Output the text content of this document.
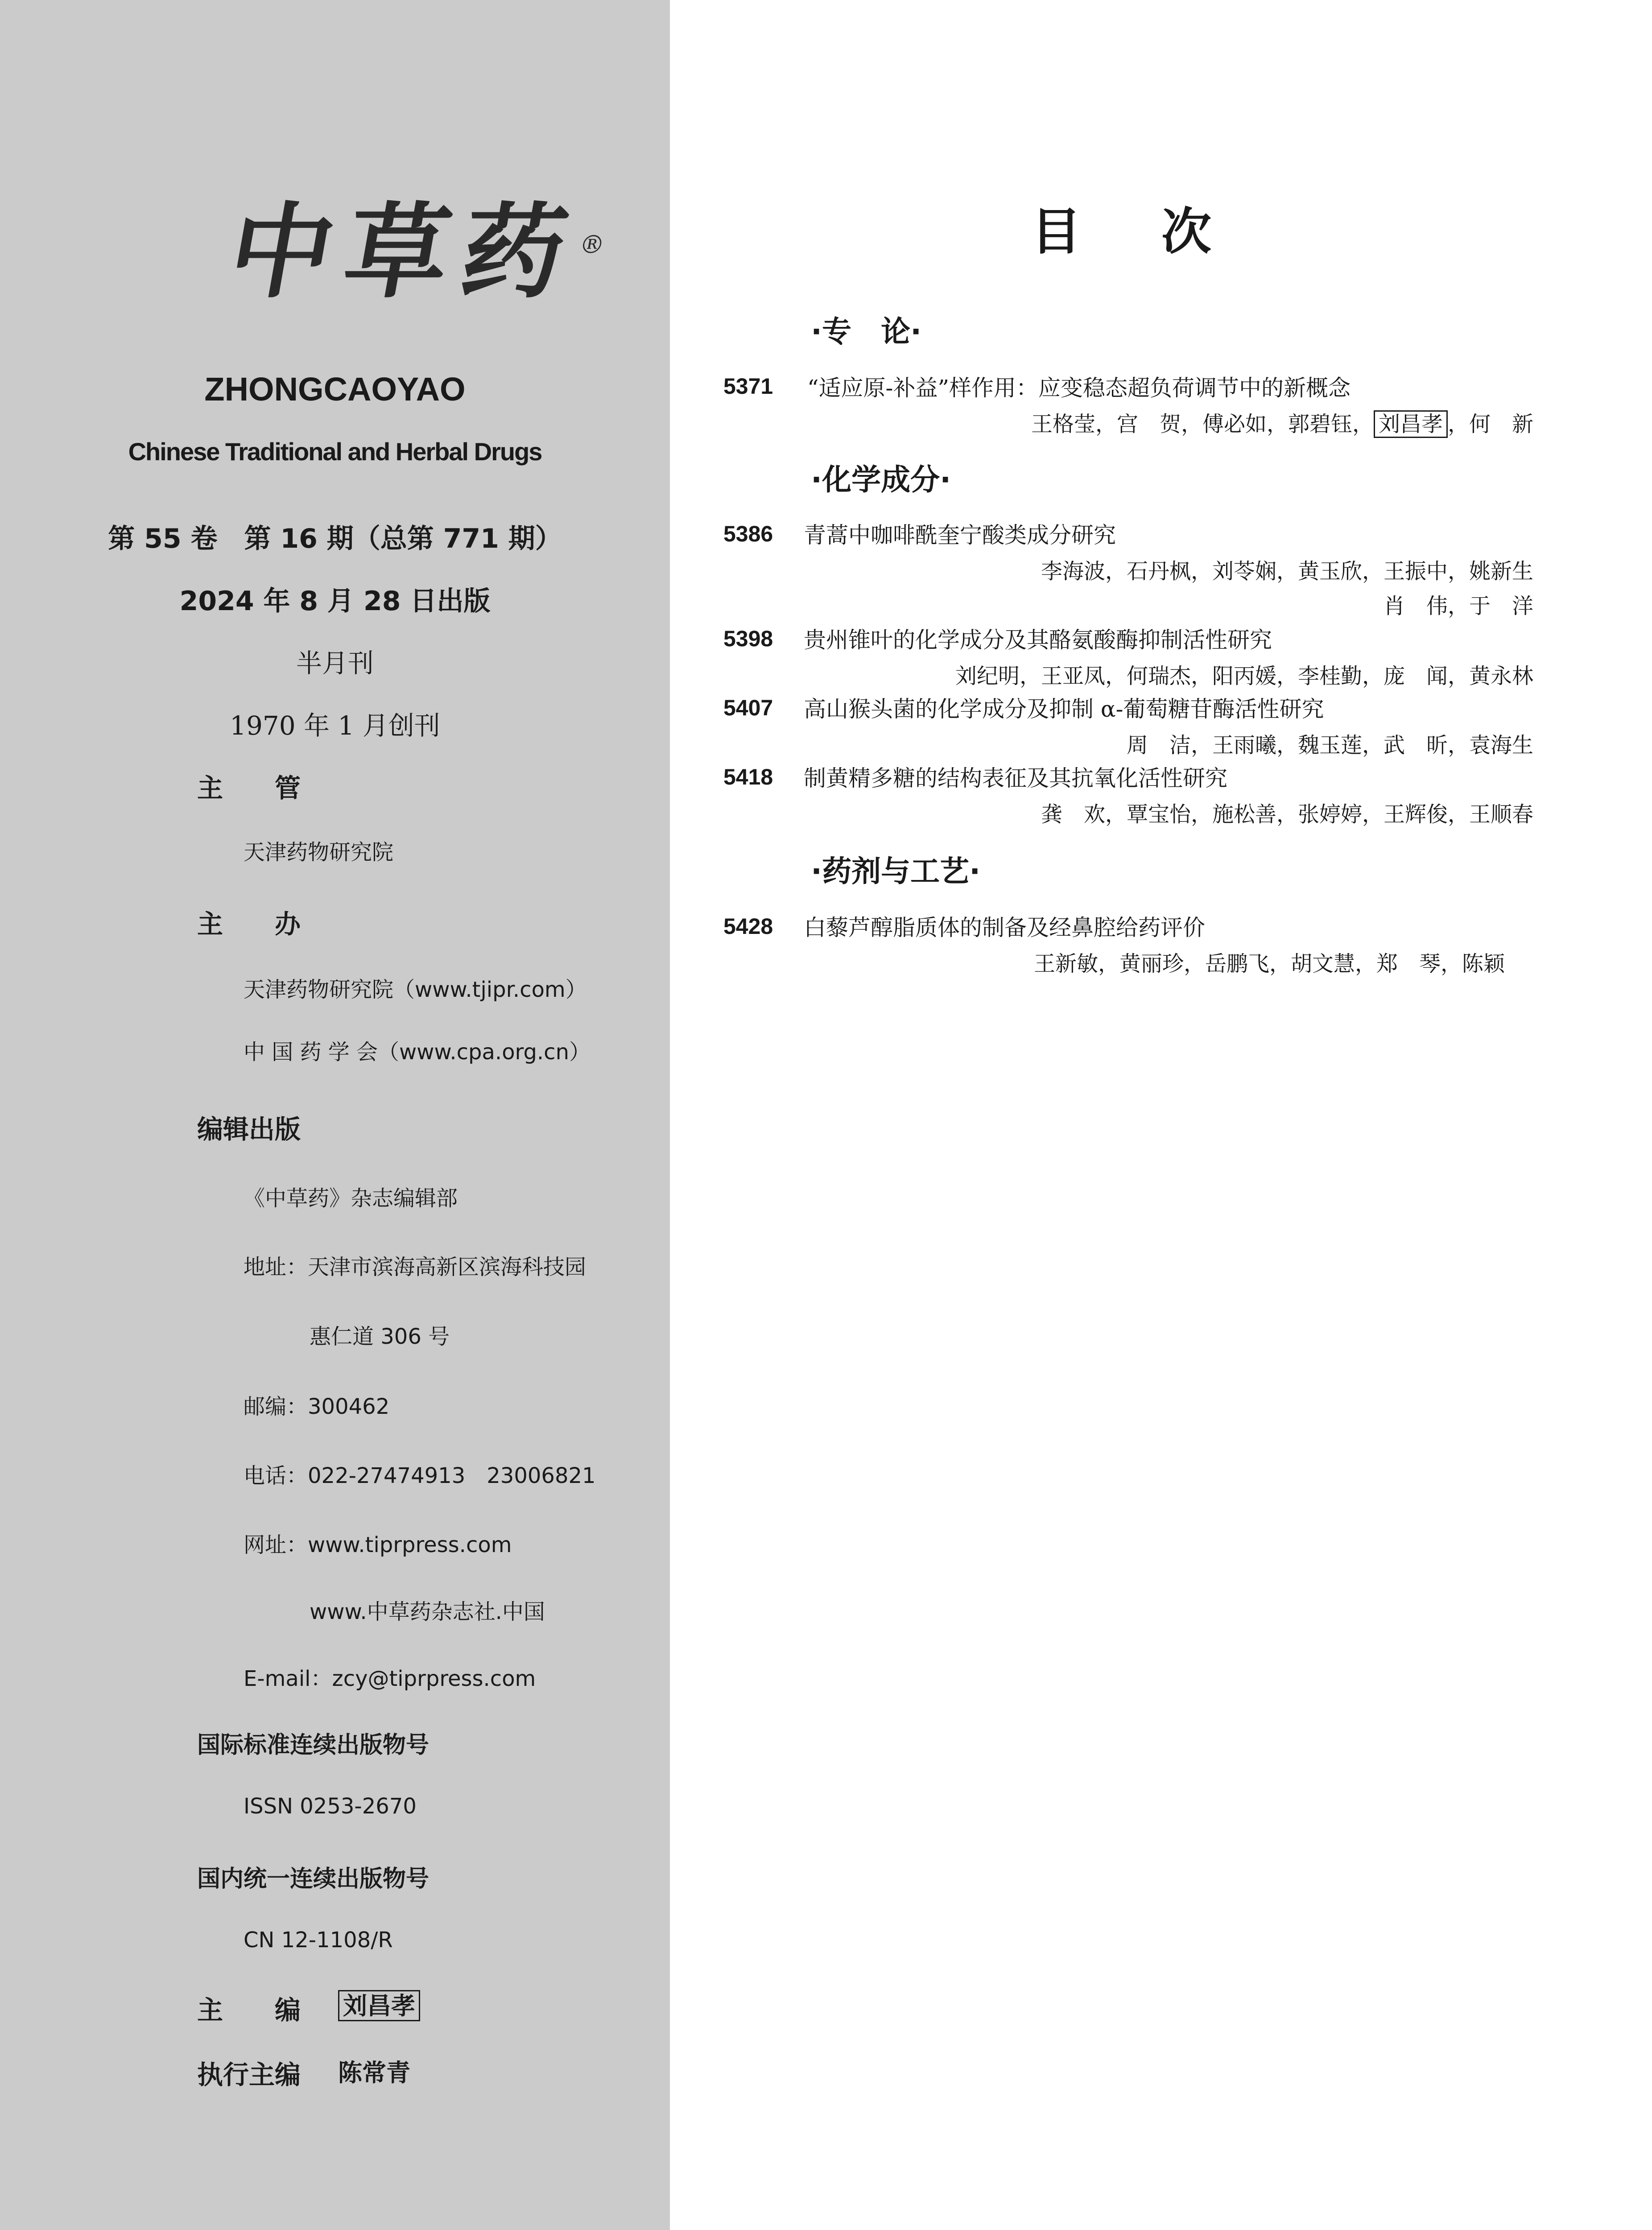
中草药®
ZHONGCAOYAO
Chinese Traditional and Herbal Drugs
第 55 卷　第 16 期（总第 771 期）
2024 年 8 月 28 日出版
半月刊
1970 年 1 月创刊
主　　管
天津药物研究院
主　　办
天津药物研究院（www.tjipr.com）
中 国 药 学 会（www.cpa.org.cn）
编辑出版
《中草药》杂志编辑部
地址：天津市滨海高新区滨海科技园
惠仁道 306 号
邮编：300462
电话：022-27474913　23006821
网址：www.tiprpress.com
www.中草药杂志社.中国
E-mail：zcy@tiprpress.com
国际标准连续出版物号
ISSN 0253-2670
国内统一连续出版物号
CN 12-1108/R
主　　编 刘昌孝
执行主编 陈常青
目次
·专　论·
5371 “适应原-补益”样作用：应变稳态超负荷调节中的新概念
王格莹，宫　贺，傅必如，郭碧钰， 刘昌孝 ，何　新
·化学成分·
5386 青蒿中咖啡酰奎宁酸类成分研究
李海波，石丹枫，刘苓娴，黄玉欣，王振中，姚新生
肖　伟，于　洋
5398 贵州锥叶的化学成分及其酪氨酸酶抑制活性研究
刘纪明，王亚凤，何瑞杰，阳丙媛，李桂勤，庞　闻，黄永林
5407 高山猴头菌的化学成分及抑制 α-葡萄糖苷酶活性研究
周　洁，王雨曦，魏玉莲，武　昕，袁海生
5418 制黄精多糖的结构表征及其抗氧化活性研究
龚　欢，覃宝怡，施松善，张婷婷，王辉俊，王顺春
·药剂与工艺·
5428 白藜芦醇脂质体的制备及经鼻腔给药评价
王新敏，黄丽珍，岳鹏飞，胡文慧，郑　琴，陈颖
